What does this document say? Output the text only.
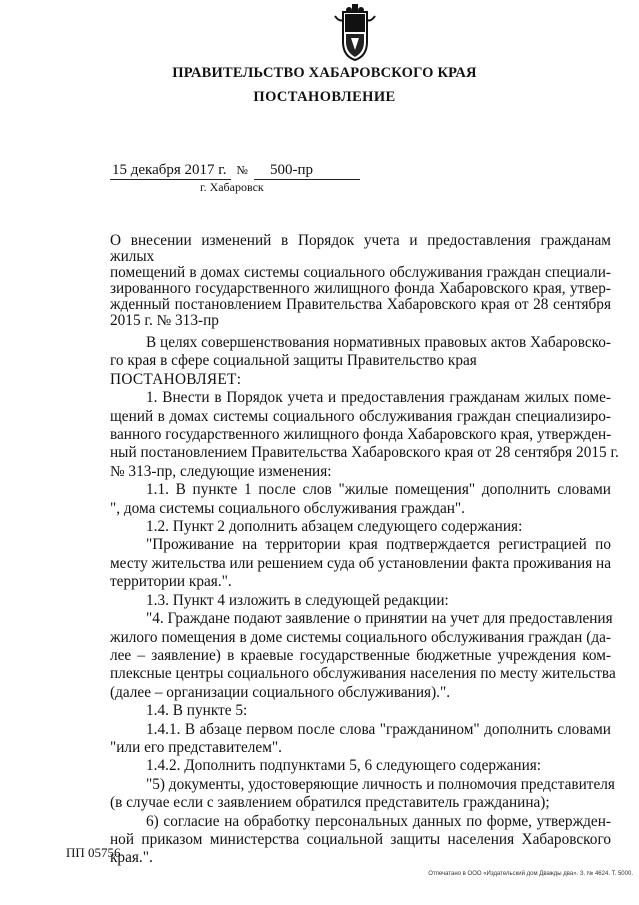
ПРАВИТЕЛЬСТВО ХАБАРОВСКОГО КРАЯ
ПОСТАНОВЛЕНИЕ
15 декабря 2017 г. № 500-пр
г. Хабаровск
О внесении изменений в Порядок учета и предоставления гражданам жилых
помещений в домах системы социального обслуживания граждан специали-
зированного государственного жилищного фонда Хабаровского края, утвер-
жденный постановлением Правительства Хабаровского края от 28 сентября
2015 г. № 313-пр
В целях совершенствования нормативных правовых актов Хабаровско-
го края в сфере социальной защиты Правительство края
ПОСТАНОВЛЯЕТ:
1. Внести в Порядок учета и предоставления гражданам жилых поме-
щений в домах системы социального обслуживания граждан специализиро-
ванного государственного жилищного фонда Хабаровского края, утвержден-
ный постановлением Правительства Хабаровского края от 28 сентября 2015 г.
№ 313-пр, следующие изменения:
1.1. В пункте 1 после слов "жилые помещения" дополнить словами
", дома системы социального обслуживания граждан".
1.2. Пункт 2 дополнить абзацем следующего содержания:
"Проживание на территории края подтверждается регистрацией по
месту жительства или решением суда об установлении факта проживания на
территории края.".
1.3. Пункт 4 изложить в следующей редакции:
"4. Граждане подают заявление о принятии на учет для предоставления
жилого помещения в доме системы социального обслуживания граждан (да-
лее – заявление) в краевые государственные бюджетные учреждения ком-
плексные центры социального обслуживания населения по месту жительства
(далее – организации социального обслуживания).".
1.4. В пункте 5:
1.4.1. В абзаце первом после слова "гражданином" дополнить словами
"или его представителем".
1.4.2. Дополнить подпунктами 5, 6 следующего содержания:
"5) документы, удостоверяющие личность и полномочия представителя
(в случае если с заявлением обратился представитель гражданина);
6) согласие на обработку персональных данных по форме, утвержден-
ной приказом министерства социальной защиты населения Хабаровского
края.".
ПП 05756
Отпечатано в ООО «Издательский дом Дважды два». З. № 4624. Т. 5000.
